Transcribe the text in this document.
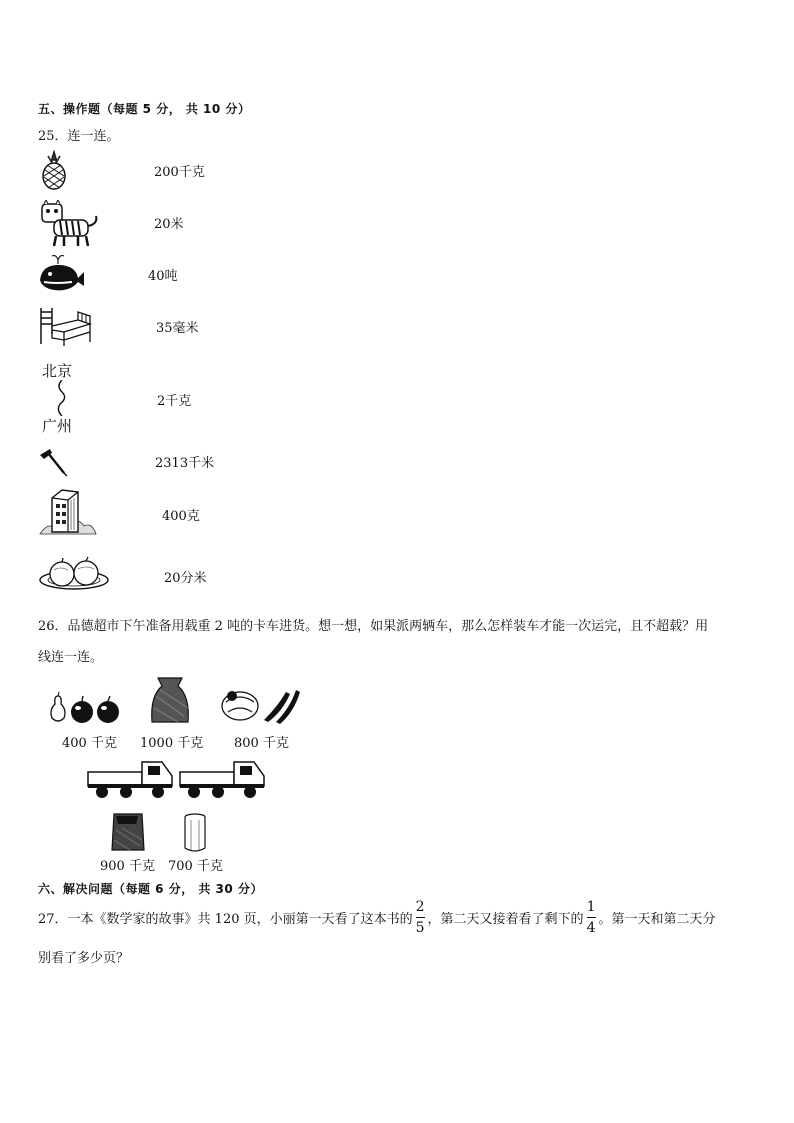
五、操作题（每题 5 分， 共 10 分）
25．连一连。
北京
广州
200千克
20米
40吨
35毫米
2千克
2313千米
400克
20分米
26．品德超市下午准备用载重 2 吨的卡车进货。想一想，如果派两辆车，那么怎样装车才能一次运完，且不超载？用
线连一连。
400 千克 1000 千克 800 千克
900 千克 700 千克
六、解决问题（每题 6 分， 共 30 分）
27．一本《数学家的故事》共 120 页，小丽第一天看了这本书的 $\frac{2}{5}$ ，第二天又接着看了剩下的 $\frac{1}{4}$ 。第一天和第二天分
别看了多少页？
